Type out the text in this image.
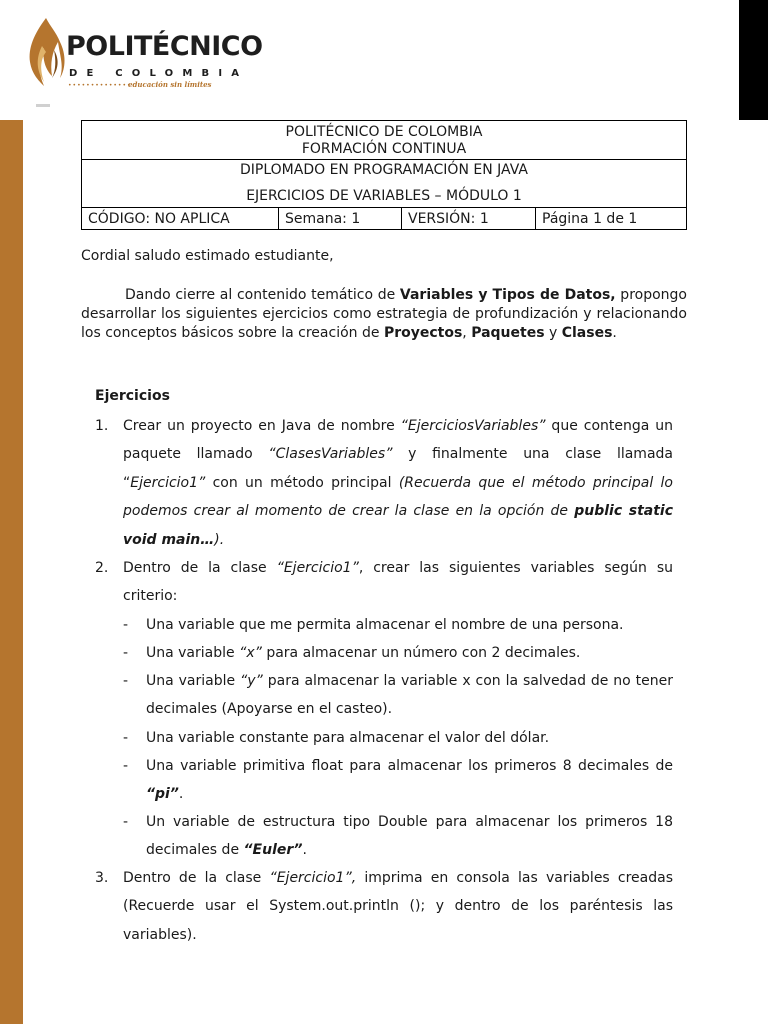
POLITÉCNICO
DE COLOMBIA
••••••••••••••
educación sin límites
POLITÉCNICO DE COLOMBIA
FORMACIÓN CONTINUA

DIPLOMADO EN PROGRAMACIÓN EN JAVA
EJERCICIOS DE VARIABLES – MÓDULO 1

CÓDIGO: NO APLICA	Semana: 1	VERSIÓN: 1	Página 1 de 1
Cordial saludo estimado estudiante,
Dando cierre al contenido temático de Variables y Tipos de Datos, propongo desarrollar los siguientes ejercicios como estrategia de profundización y relacionando los conceptos básicos sobre la creación de Proyectos, Paquetes y Clases.
Ejercicios
1. Crear un proyecto en Java de nombre “EjerciciosVariables” que contenga un paquete llamado “ClasesVariables” y finalmente una clase llamada “Ejercicio1” con un método principal (Recuerda que el método principal lo podemos crear al momento de crear la clase en la opción de public static void main…).
2. Dentro de la clase “Ejercicio1”, crear las siguientes variables según su criterio:
- Una variable que me permita almacenar el nombre de una persona.
- Una variable “x” para almacenar un número con 2 decimales.
- Una variable “y” para almacenar la variable x con la salvedad de no tener decimales (Apoyarse en el casteo).
- Una variable constante para almacenar el valor del dólar.
- Una variable primitiva float para almacenar los primeros 8 decimales de “pi”.
- Un variable de estructura tipo Double para almacenar los primeros 18 decimales de “Euler”.
3. Dentro de la clase “Ejercicio1”, imprima en consola las variables creadas (Recuerde usar el System.out.println (); y dentro de los paréntesis las variables).
